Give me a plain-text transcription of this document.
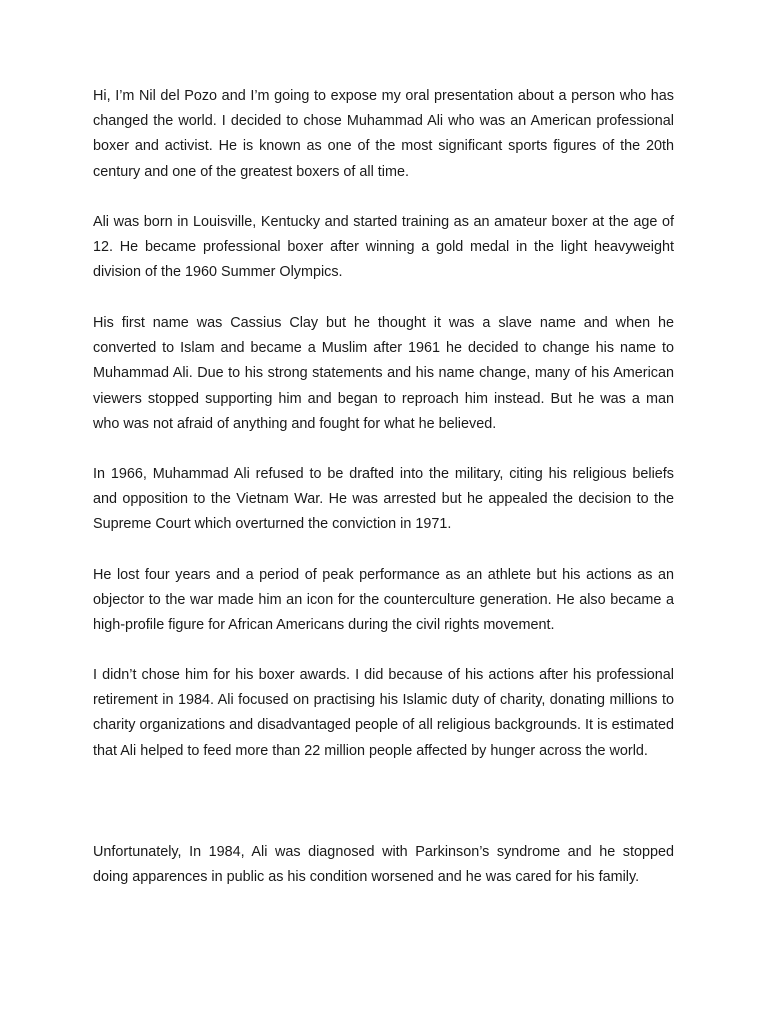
Hi, I’m Nil del Pozo and I’m going to expose my oral presentation about a person who has changed the world. I decided to chose Muhammad Ali who was an American professional boxer and activist. He is known as one of the most significant sports figures of the 20th century and one of the greatest boxers of all time.

Ali was born in Louisville, Kentucky and started training as an amateur boxer at the age of 12. He became professional boxer after winning a gold medal in the light heavyweight division of the 1960 Summer Olympics.

His first name was Cassius Clay but he thought it was a slave name and when he converted to Islam and became a Muslim after 1961 he decided to change his name to Muhammad Ali. Due to his strong statements and his name change, many of his American viewers stopped supporting him and began to reproach him instead. But he was a man who was not afraid of anything and fought for what he believed.

In 1966, Muhammad Ali refused to be drafted into the military, citing his religious beliefs and opposition to the Vietnam War. He was arrested but he appealed the decision to the Supreme Court which overturned the conviction in 1971.

He lost four years and a period of peak performance as an athlete but his actions as an objector to the war made him an icon for the counterculture generation. He also became a high-profile figure for African Americans during the civil rights movement.

I didn’t chose him for his boxer awards. I did because of his actions after his professional retirement in 1984. Ali focused on practising his Islamic duty of charity, donating millions to charity organizations and disadvantaged people of all religious backgrounds. It is estimated that Ali helped to feed more than 22 million people affected by hunger across the world.

Unfortunately, In 1984, Ali was diagnosed with Parkinson’s syndrome and he stopped doing apparences in public as his condition worsened and he was cared for his family.
